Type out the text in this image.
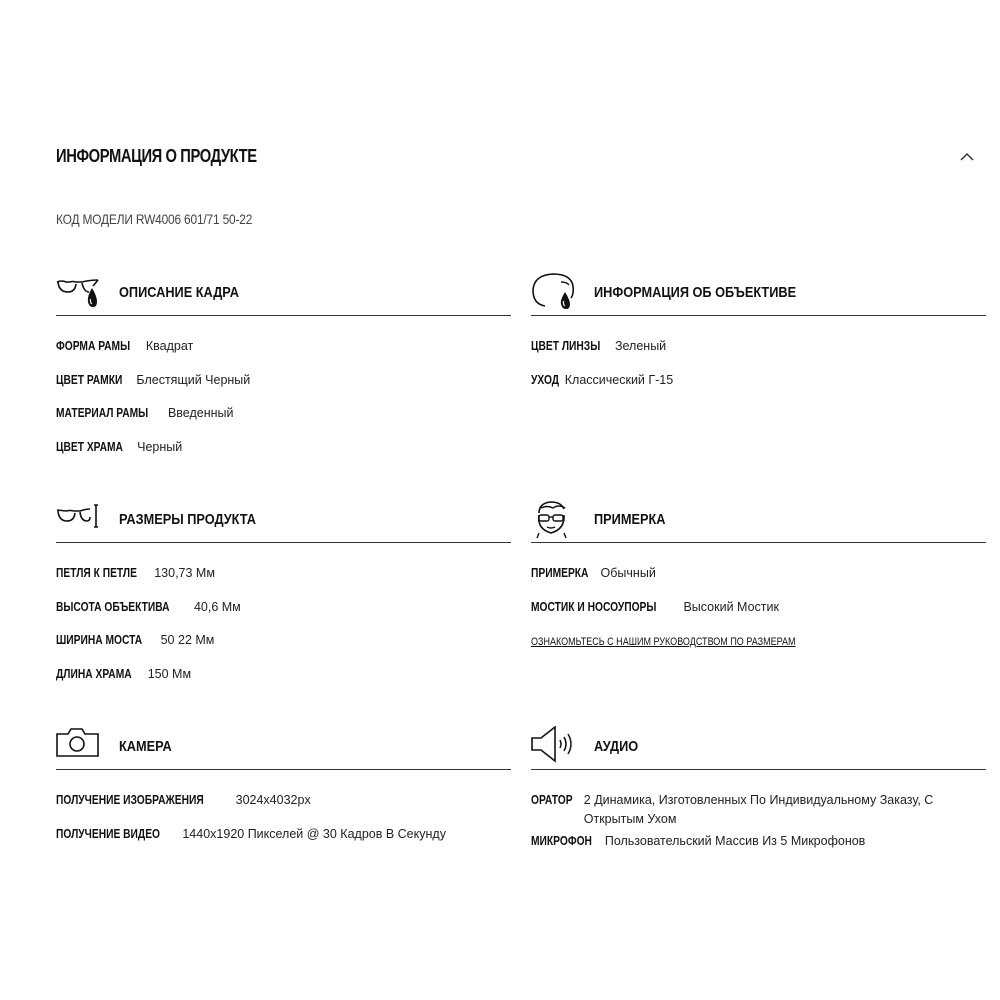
ИНФОРМАЦИЯ О ПРОДУКТЕ
КОД МОДЕЛИ RW4006 601/71 50-22
ОПИСАНИЕ КАДРА
ФОРМА РАМЫ Квадрат
ЦВЕТ РАМКИ Блестящий Черный
МАТЕРИАЛ РАМЫ Введенный
ЦВЕТ ХРАМА Черный
ИНФОРМАЦИЯ ОБ ОБЪЕКТИВЕ
ЦВЕТ ЛИНЗЫ Зеленый
УХОД Классический Г-15
РАЗМЕРЫ ПРОДУКТА
ПЕТЛЯ К ПЕТЛЕ 130,73 Мм
ВЫСОТА ОБЪЕКТИВА 40,6 Мм
ШИРИНА МОСТА 50 22 Мм
ДЛИНА ХРАМА 150 Мм
ПРИМЕРКА
ПРИМЕРКА Обычный
МОСТИК И НОСОУПОРЫ Высокий Мостик
ОЗНАКОМЬТЕСЬ С НАШИМ РУКОВОДСТВОМ ПО РАЗМЕРАМ
КАМЕРА
ПОЛУЧЕНИЕ ИЗОБРАЖЕНИЯ	3024x4032px
ПОЛУЧЕНИЕ ВИДЕО 1440x1920 Пикселей @ 30 Кадров В Секунду
АУДИО
ОРАТОР 2 Динамика, Изготовленных По Индивидуальному Заказу, С Открытым Ухом
МИКРОФОН Пользовательский Массив Из 5 Микрофонов
